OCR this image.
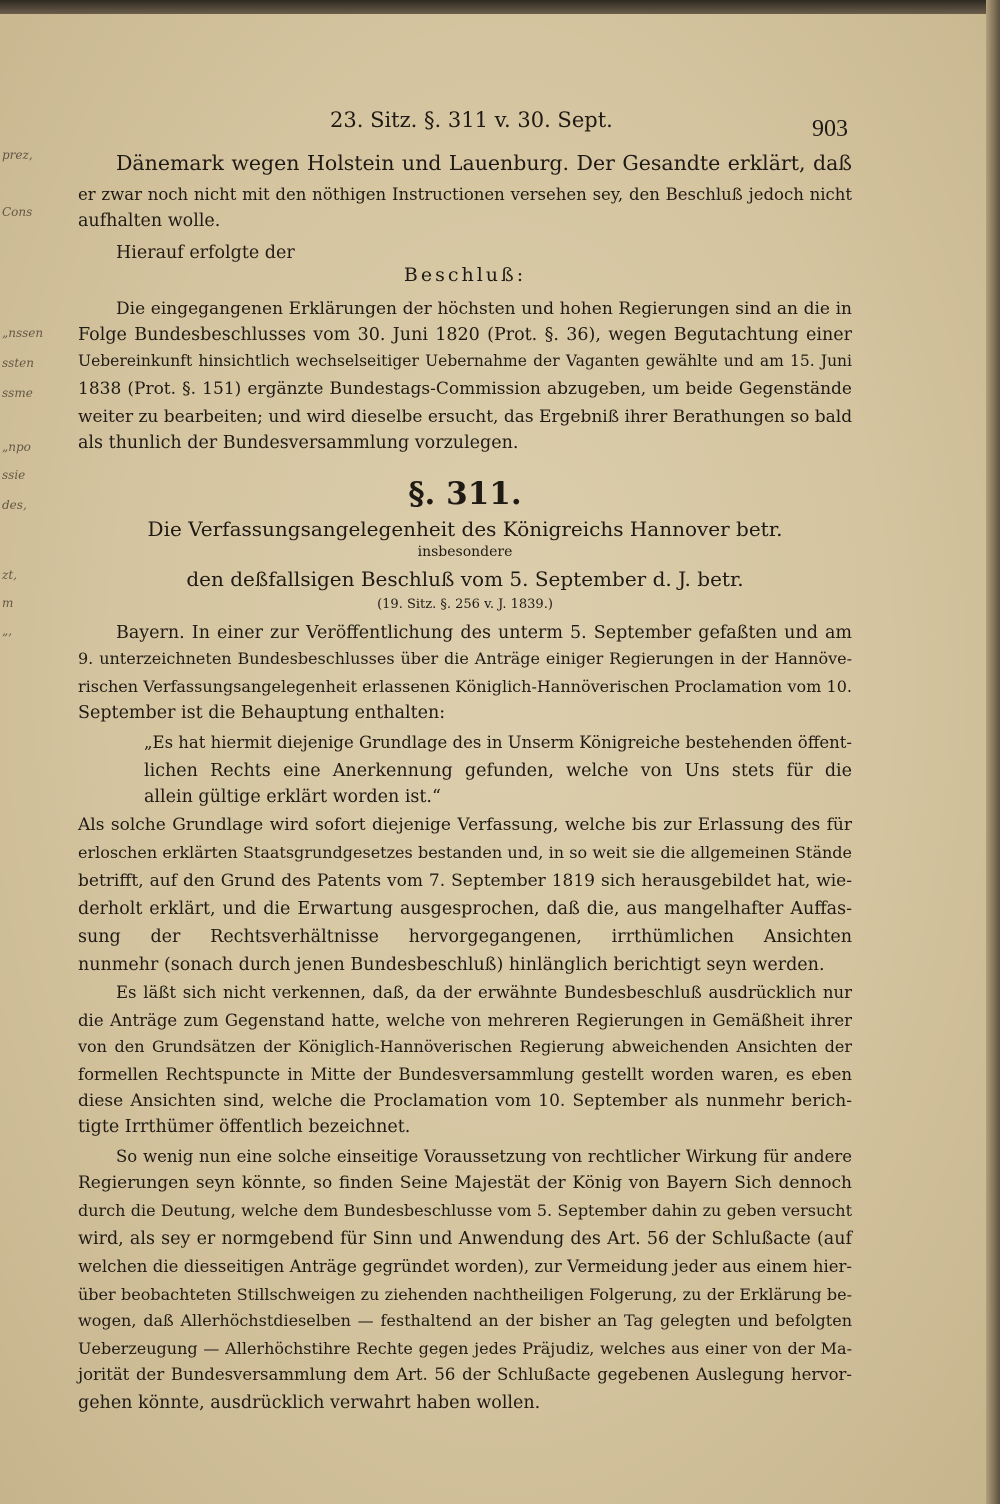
prez,
Cons
„nssen
ssten
ssme
„npo
ssie
des,
zt,
m
„,
23. Sitz. §. 311 v. 30. Sept.	903
Dänemark wegen Holstein und Lauenburg. Der Gesandte erklärt, daß
er zwar noch nicht mit den nöthigen Instructionen versehen sey, den Beschluß jedoch nicht
aufhalten wolle.
Hierauf erfolgte der
Beschluß:
Die eingegangenen Erklärungen der höchsten und hohen Regierungen sind an die in
Folge Bundesbeschlusses vom 30. Juni 1820 (Prot. §. 36), wegen Begutachtung einer
Uebereinkunft hinsichtlich wechselseitiger Uebernahme der Vaganten gewählte und am 15. Juni
1838 (Prot. §. 151) ergänzte Bundestags-Commission abzugeben, um beide Gegenstände
weiter zu bearbeiten; und wird dieselbe ersucht, das Ergebniß ihrer Berathungen so bald
als thunlich der Bundesversammlung vorzulegen.
§. 311.
Die Verfassungsangelegenheit des Königreichs Hannover betr.
insbesondere
den deßfallsigen Beschluß vom 5. September d. J. betr.
(19. Sitz. §. 256 v. J. 1839.)
Bayern. In einer zur Veröffentlichung des unterm 5. September gefaßten und am
9. unterzeichneten Bundesbeschlusses über die Anträge einiger Regierungen in der Hannöve-
rischen Verfassungsangelegenheit erlassenen Königlich-Hannöverischen Proclamation vom 10.
September ist die Behauptung enthalten:
„Es hat hiermit diejenige Grundlage des in Unserm Königreiche bestehenden öffent-
lichen Rechts eine Anerkennung gefunden, welche von Uns stets für die
allein gültige erklärt worden ist.“
Als solche Grundlage wird sofort diejenige Verfassung, welche bis zur Erlassung des für
erloschen erklärten Staatsgrundgesetzes bestanden und, in so weit sie die allgemeinen Stände
betrifft, auf den Grund des Patents vom 7. September 1819 sich herausgebildet hat, wie-
derholt erklärt, und die Erwartung ausgesprochen, daß die, aus mangelhafter Auffas-
sung der Rechtsverhältnisse hervorgegangenen, irrthümlichen Ansichten
nunmehr (sonach durch jenen Bundesbeschluß) hinlänglich berichtigt seyn werden.
Es läßt sich nicht verkennen, daß, da der erwähnte Bundesbeschluß ausdrücklich nur
die Anträge zum Gegenstand hatte, welche von mehreren Regierungen in Gemäßheit ihrer
von den Grundsätzen der Königlich-Hannöverischen Regierung abweichenden Ansichten der
formellen Rechtspuncte in Mitte der Bundesversammlung gestellt worden waren, es eben
diese Ansichten sind, welche die Proclamation vom 10. September als nunmehr berich-
tigte Irrthümer öffentlich bezeichnet.
So wenig nun eine solche einseitige Voraussetzung von rechtlicher Wirkung für andere
Regierungen seyn könnte, so finden Seine Majestät der König von Bayern Sich dennoch
durch die Deutung, welche dem Bundesbeschlusse vom 5. September dahin zu geben versucht
wird, als sey er normgebend für Sinn und Anwendung des Art. 56 der Schlußacte (auf
welchen die diesseitigen Anträge gegründet worden), zur Vermeidung jeder aus einem hier-
über beobachteten Stillschweigen zu ziehenden nachtheiligen Folgerung, zu der Erklärung be-
wogen, daß Allerhöchstdieselben — festhaltend an der bisher an Tag gelegten und befolgten
Ueberzeugung — Allerhöchstihre Rechte gegen jedes Präjudiz, welches aus einer von der Ma-
jorität der Bundesversammlung dem Art. 56 der Schlußacte gegebenen Auslegung hervor-
gehen könnte, ausdrücklich verwahrt haben wollen.
